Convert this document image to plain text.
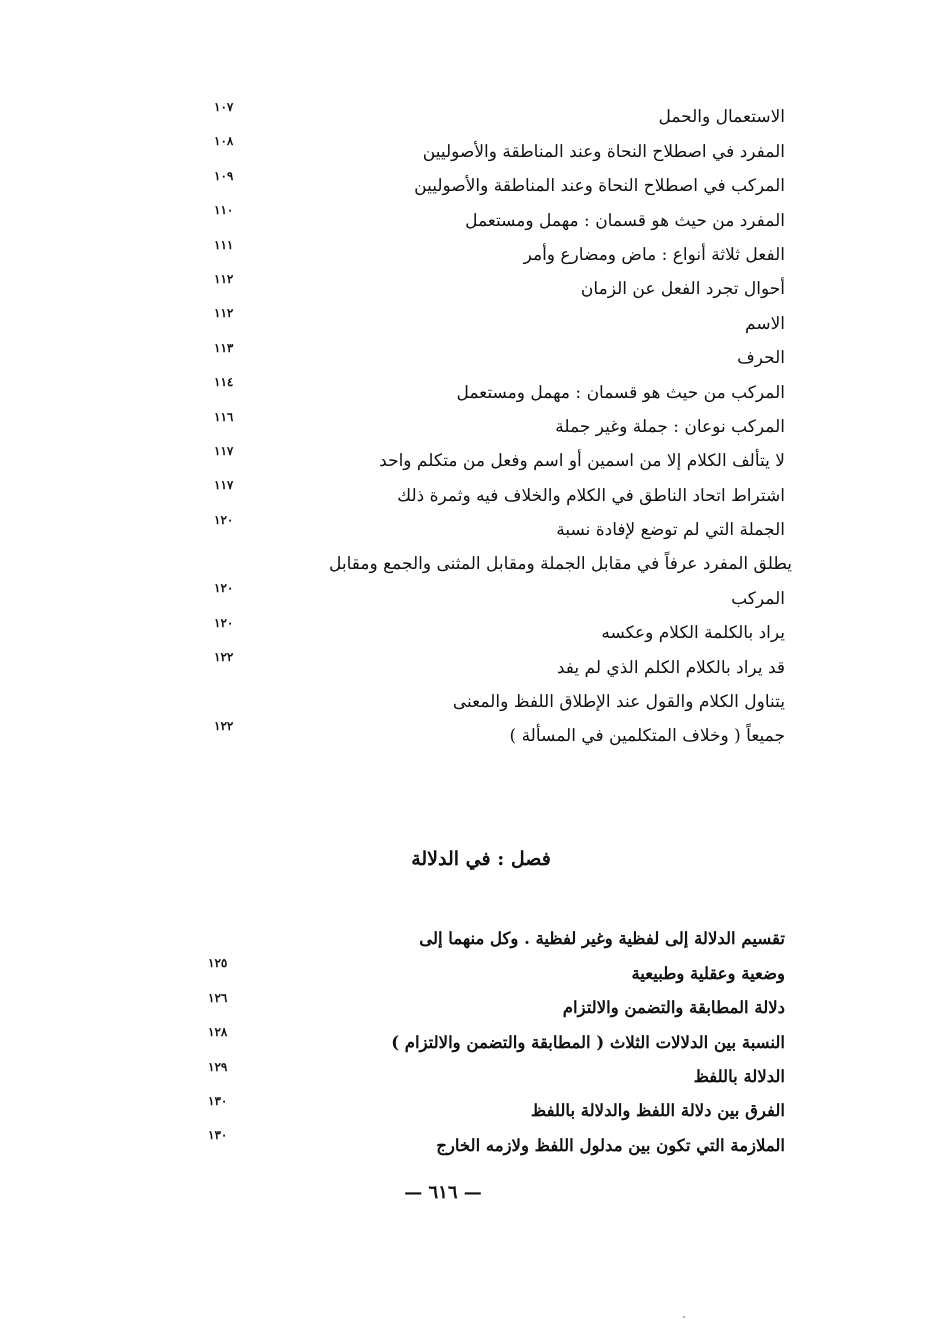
الاستعمال والحمل
١٠٧
المفرد في اصطلاح النحاة وعند المناطقة والأصوليين
١٠٨
المركب في اصطلاح النحاة وعند المناطقة والأصوليين
١٠٩
المفرد من حيث هو قسمان : مهمل ومستعمل
١١٠
الفعل ثلاثة أنواع : ماض ومضارع وأمر
١١١
أحوال تجرد الفعل عن الزمان
١١٢
الاسم
١١٢
الحرف
١١٣
المركب من حيث هو قسمان : مهمل ومستعمل
١١٤
المركب نوعان : جملة وغير جملة
١١٦
لا يتألف الكلام إلا من اسمين أو اسم وفعل من متكلم واحد
١١٧
اشتراط اتحاد الناطق في الكلام والخلاف فيه وثمرة ذلك
١١٧
الجملة التي لم توضع لإفادة نسبة
١٢٠
يطلق المفرد عرفاً في مقابل الجملة ومقابل المثنى والجمع ومقابل
المركب
١٢٠
يراد بالكلمة الكلام وعكسه
١٢٠
قد يراد بالكلام الكلم الذي لم يفد
١٢٢
يتناول الكلام والقول عند الإطلاق اللفظ والمعنى
جميعاً ( وخلاف المتكلمين في المسألة )
١٢٢
فصل : في الدلالة
تقسيم الدلالة إلى لفظية وغير لفظية . وكل منهما إلى
وضعية وعقلية وطبيعية
١٢٥
دلالة المطابقة والتضمن والالتزام
١٢٦
النسبة بين الدلالات الثلاث ( المطابقة والتضمن والالتزام )
١٢٨
الدلالة باللفظ
١٢٩
الفرق بين دلالة اللفظ والدلالة باللفظ
١٣٠
الملازمة التي تكون بين مدلول اللفظ ولازمه الخارج
١٣٠
— ٦١٦ —
